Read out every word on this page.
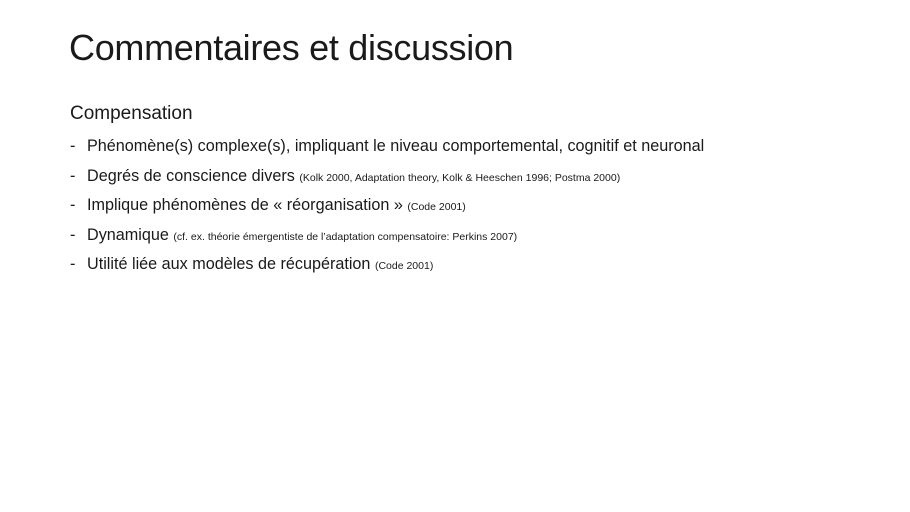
Commentaires et discussion
Compensation
- Phénomène(s) complexe(s), impliquant le niveau comportemental, cognitif et neuronal
- Degrés de conscience divers (Kolk 2000, Adaptation theory, Kolk & Heeschen 1996; Postma 2000)
- Implique phénomènes de « réorganisation » (Code 2001)
- Dynamique (cf. ex. théorie émergentiste de l’adaptation compensatoire: Perkins 2007)
- Utilité liée aux modèles de récupération (Code 2001)
